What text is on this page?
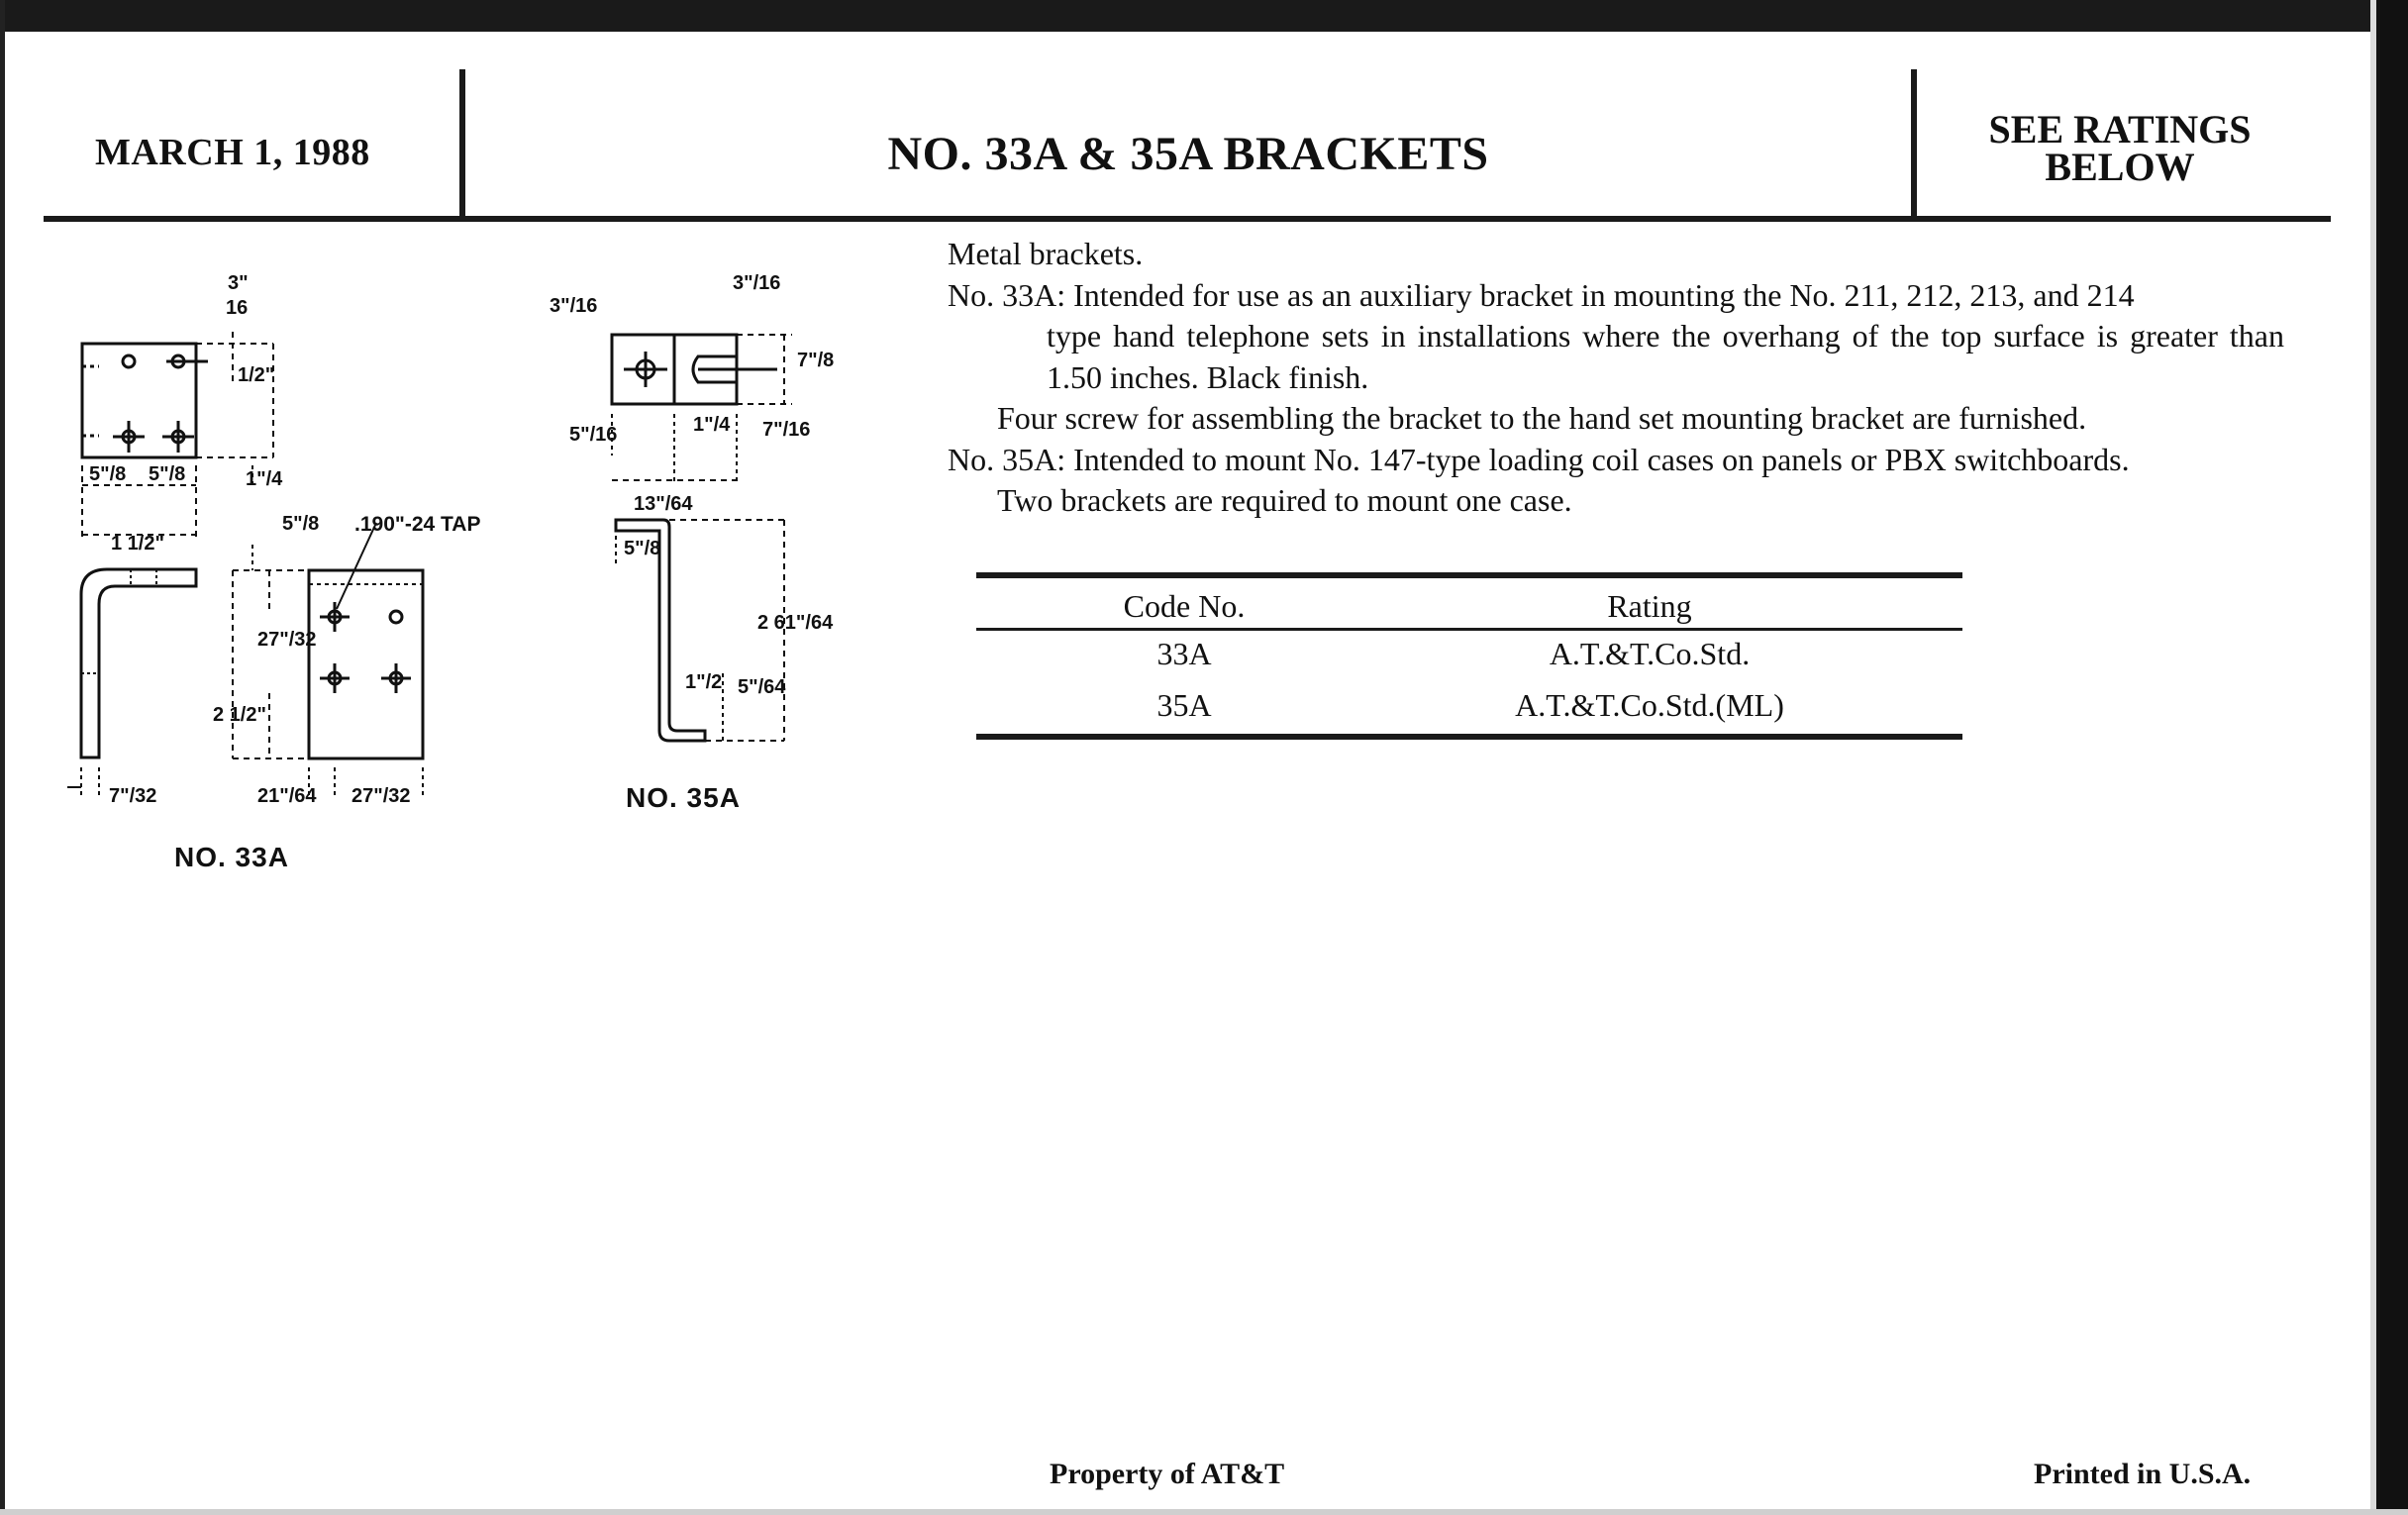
MARCH 1, 1988	NO. 33A & 35A BRACKETS	SEE RATINGS
BELOW
3"
16
1/2"
1"/4
5"/8 5"/8
1 1/2"
5"/8 .190"-24 TAP
27"/32
2 1/2"
7"/32	21"/64 27"/32
3"/16
3"/16
7"/8
7"/16
5"/16
13"/64
1"/4
5"/8
2 61"/64
1"/2 5"/64
NO. 33A
NO. 35A

Metal brackets.

No. 33A: Intended for use as an auxiliary bracket in mounting the No. 211, 212, 213, and 214

type hand telephone sets in installations where the overhang of the top surface is greater than 1.50 inches. Black finish.

Four screw for assembling the bracket to the hand set mounting bracket are furnished.

No. 35A: Intended to mount No. 147-type loading coil cases on panels or PBX switchboards.

Two brackets are required to mount one case.

Code No.	Rating
33A	A.T.&T.Co.Std.
35A	A.T.&T.Co.Std.(ML)
Property of AT&T	Printed in U.S.A.
